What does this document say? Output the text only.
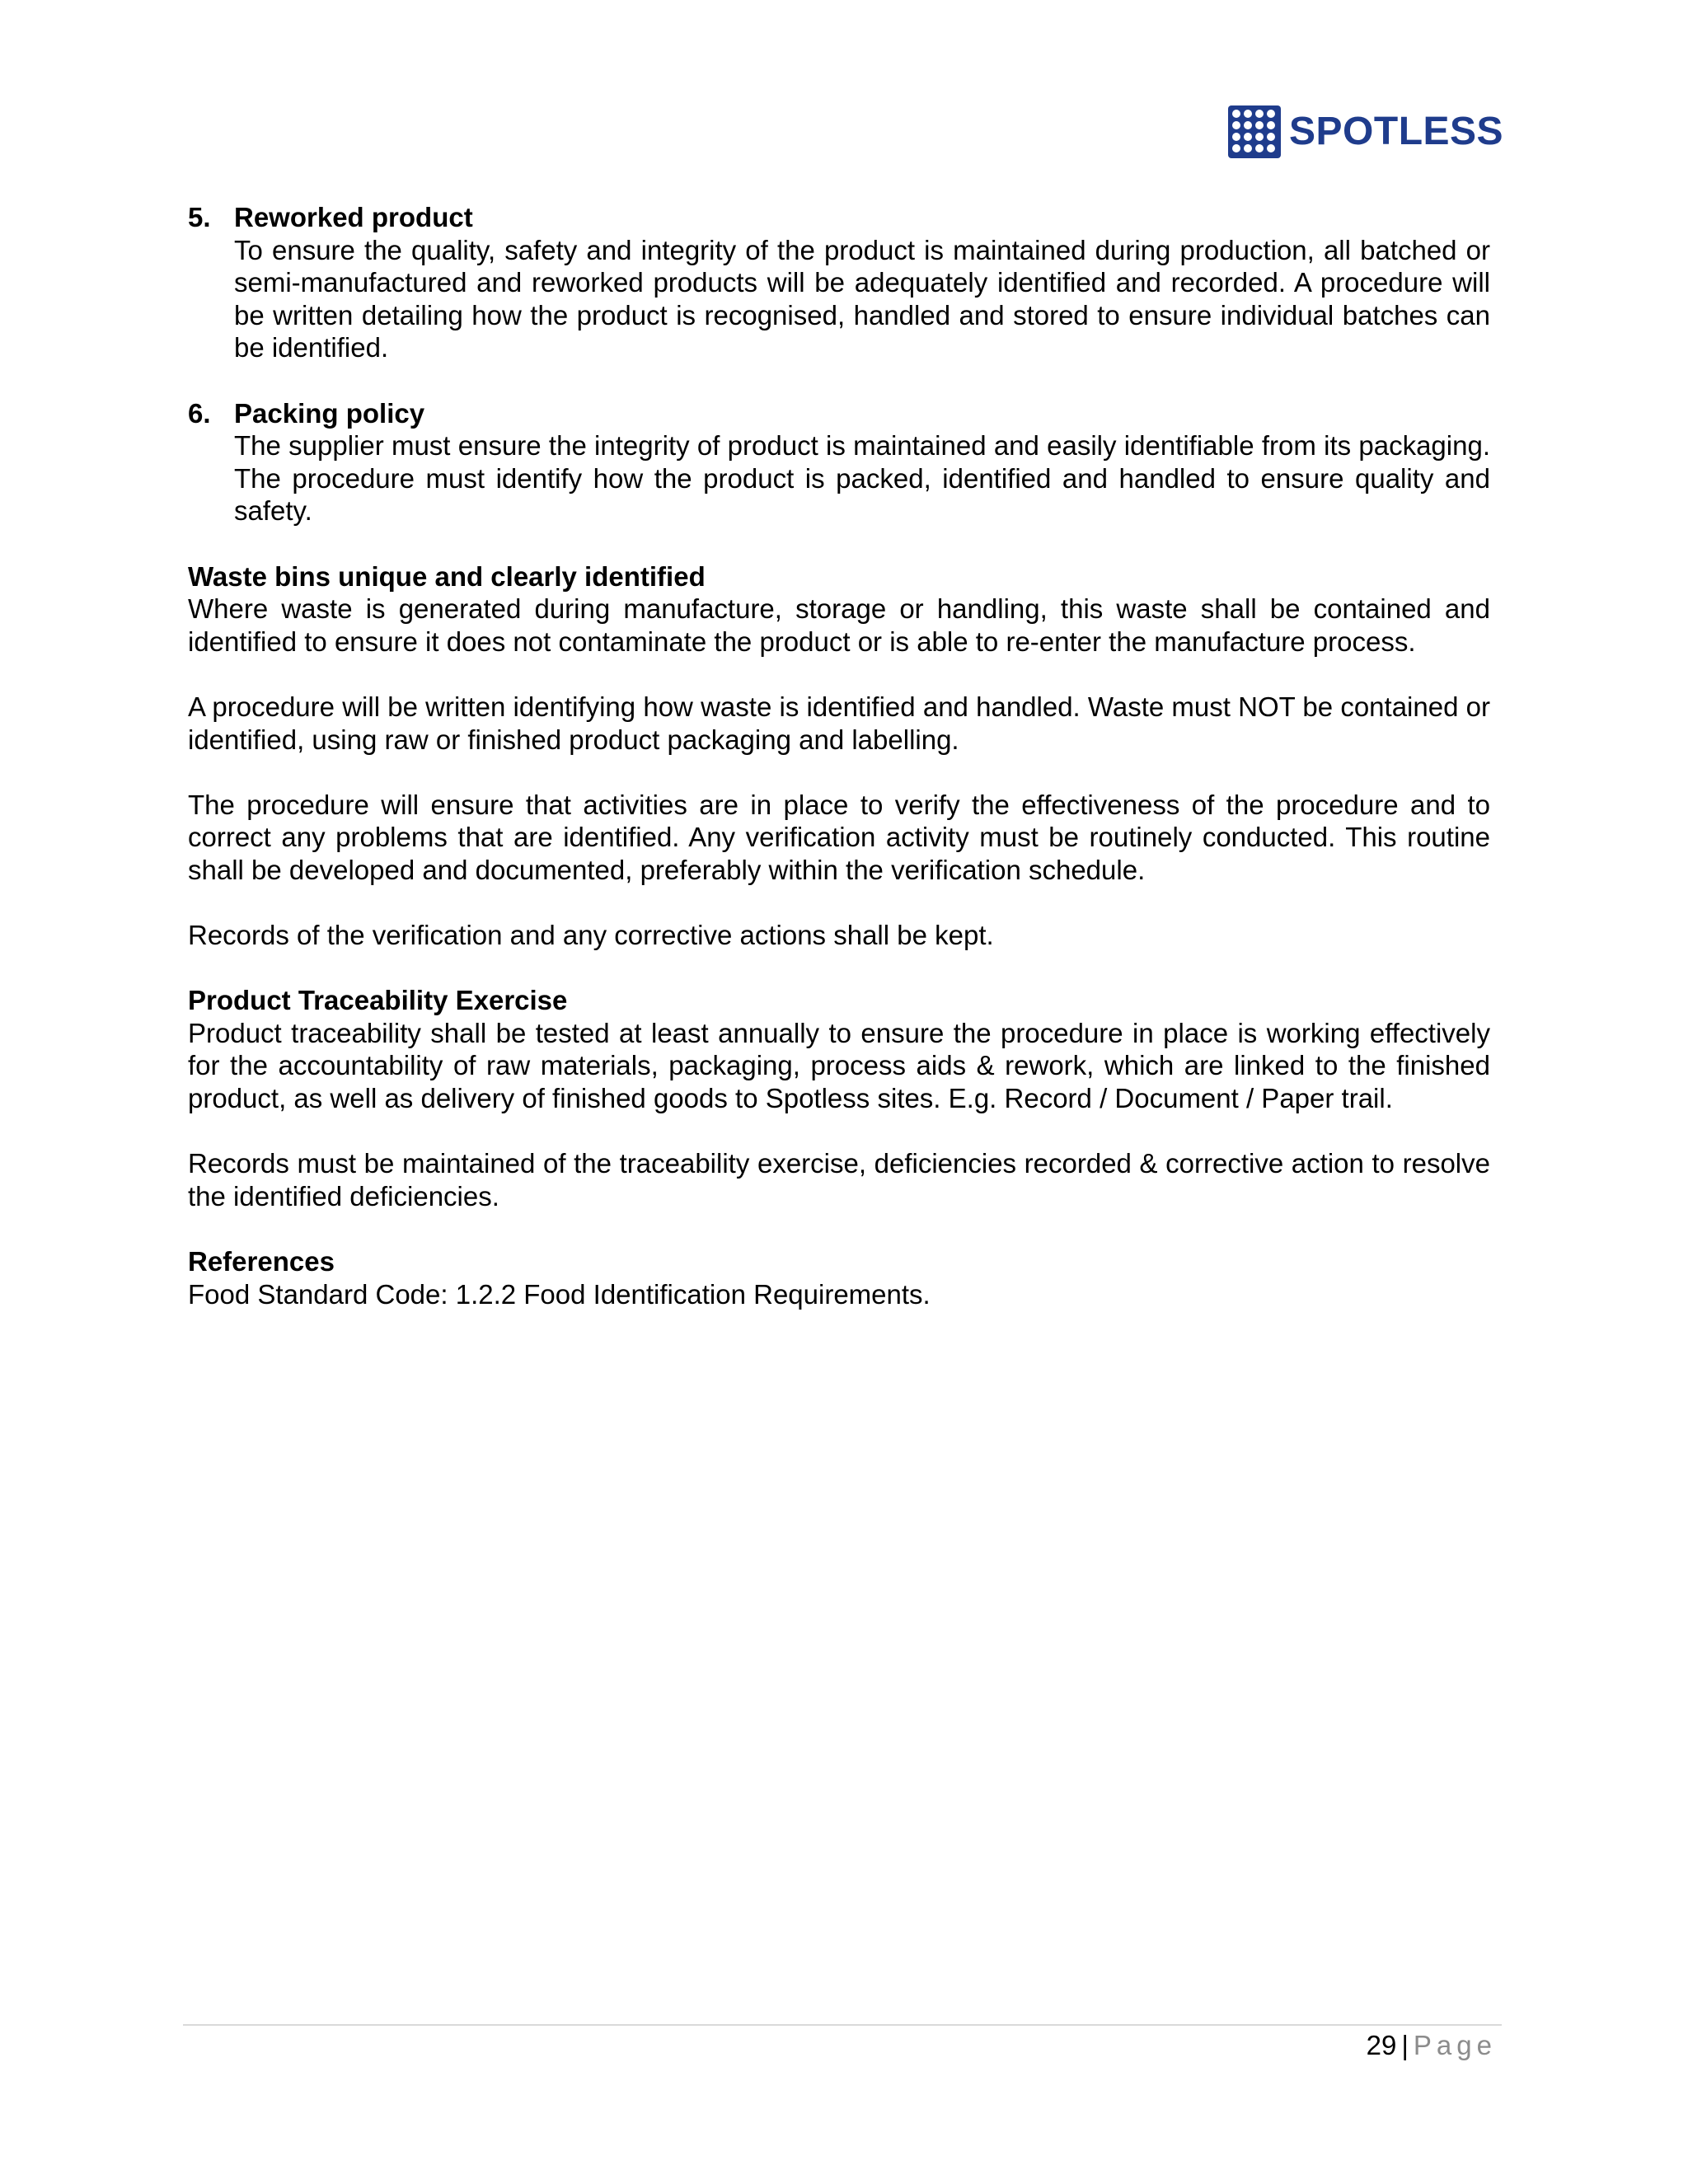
SPOTLESS
5. Reworked product

To ensure the quality, safety and integrity of the product is maintained during production, all batched or semi-manufactured and reworked products will be adequately identified and recorded. A procedure will be written detailing how the product is recognised, handled and stored to ensure individual batches can be identified.

6. Packing policy

The supplier must ensure the integrity of product is maintained and easily identifiable from its packaging. The procedure must identify how the product is packed, identified and handled to ensure quality and safety.

Waste bins unique and clearly identified

Where waste is generated during manufacture, storage or handling, this waste shall be contained and identified to ensure it does not contaminate the product or is able to re-enter the manufacture process.

A procedure will be written identifying how waste is identified and handled. Waste must NOT be contained or identified, using raw or finished product packaging and labelling.

The procedure will ensure that activities are in place to verify the effectiveness of the procedure and to correct any problems that are identified. Any verification activity must be routinely conducted. This routine shall be developed and documented, preferably within the verification schedule.

Records of the verification and any corrective actions shall be kept.

Product Traceability Exercise

Product traceability shall be tested at least annually to ensure the procedure in place is working effectively for the accountability of raw materials, packaging, process aids & rework, which are linked to the finished product, as well as delivery of finished goods to Spotless sites. E.g. Record / Document / Paper trail.

Records must be maintained of the traceability exercise, deficiencies recorded & corrective action to resolve the identified deficiencies.

References

Food Standard Code: 1.2.2 Food Identification Requirements.

29 | Page
